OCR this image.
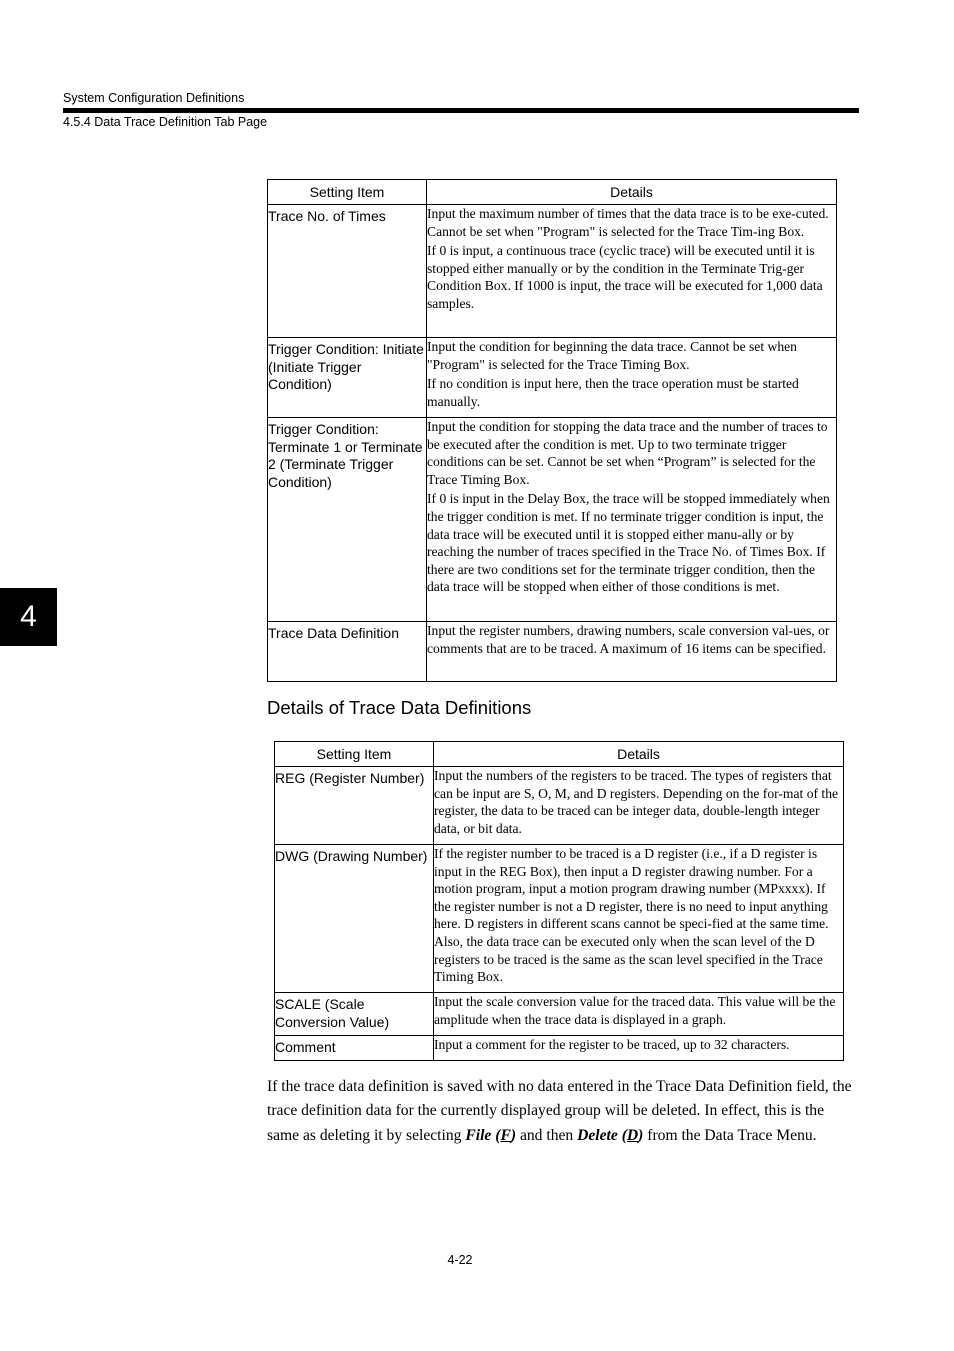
System Configuration Definitions
4.5.4 Data Trace Definition Tab Page
4
Setting Item	Details
Trace No. of Times	Input the maximum number of times that the data trace is to be exe-cuted. Cannot be set when "Program" is selected for the Trace Tim-ing Box.

If 0 is input, a continuous trace (cyclic trace) will be executed until it is stopped either manually or by the condition in the Terminate Trig-ger Condition Box. If 1000 is input, the trace will be executed for 1,000 data samples.

Trigger Condition: Initiate (Initiate Trigger Condition)	Input the condition for beginning the data trace. Cannot be set when "Program" is selected for the Trace Timing Box.

If no condition is input here, then the trace operation must be started manually.

Trigger Condition: Terminate 1 or Terminate 2 (Terminate Trigger Condition)	Input the condition for stopping the data trace and the number of traces to be executed after the condition is met. Up to two terminate trigger conditions can be set. Cannot be set when “Program” is selected for the Trace Timing Box.

If 0 is input in the Delay Box, the trace will be stopped immediately when the trigger condition is met. If no terminate trigger condition is input, the data trace will be executed until it is stopped either manu-ally or by reaching the number of traces specified in the Trace No. of Times Box. If there are two conditions set for the terminate trigger condition, then the data trace will be stopped when either of those conditions is met.

Trace Data Definition	Input the register numbers, drawing numbers, scale conversion val-ues, or comments that are to be traced. A maximum of 16 items can be specified.

Details of Trace Data Definitions
Setting Item	Details
REG (Register Number)	Input the numbers of the registers to be traced. The types of registers that can be input are S, O, M, and D registers. Depending on the for-mat of the register, the data to be traced can be integer data, double-length integer data, or bit data.

DWG (Drawing Number)	If the register number to be traced is a D register (i.e., if a D register is input in the REG Box), then input a D register drawing number. For a motion program, input a motion program drawing number (MPxxxx). If the register number is not a D register, there is no need to input anything here. D registers in different scans cannot be speci-fied at the same time. Also, the data trace can be executed only when the scan level of the D registers to be traced is the same as the scan level specified in the Trace Timing Box.

SCALE (Scale Conversion Value)	Input the scale conversion value for the traced data. This value will be the amplitude when the trace data is displayed in a graph.

Comment	Input a comment for the register to be traced, up to 32 characters.

If the trace data definition is saved with no data entered in the Trace Data Definition field, the trace definition data for the currently displayed group will be deleted. In effect, this is the same as deleting it by selecting File (F) and then Delete (D) from the Data Trace Menu.
4-22
